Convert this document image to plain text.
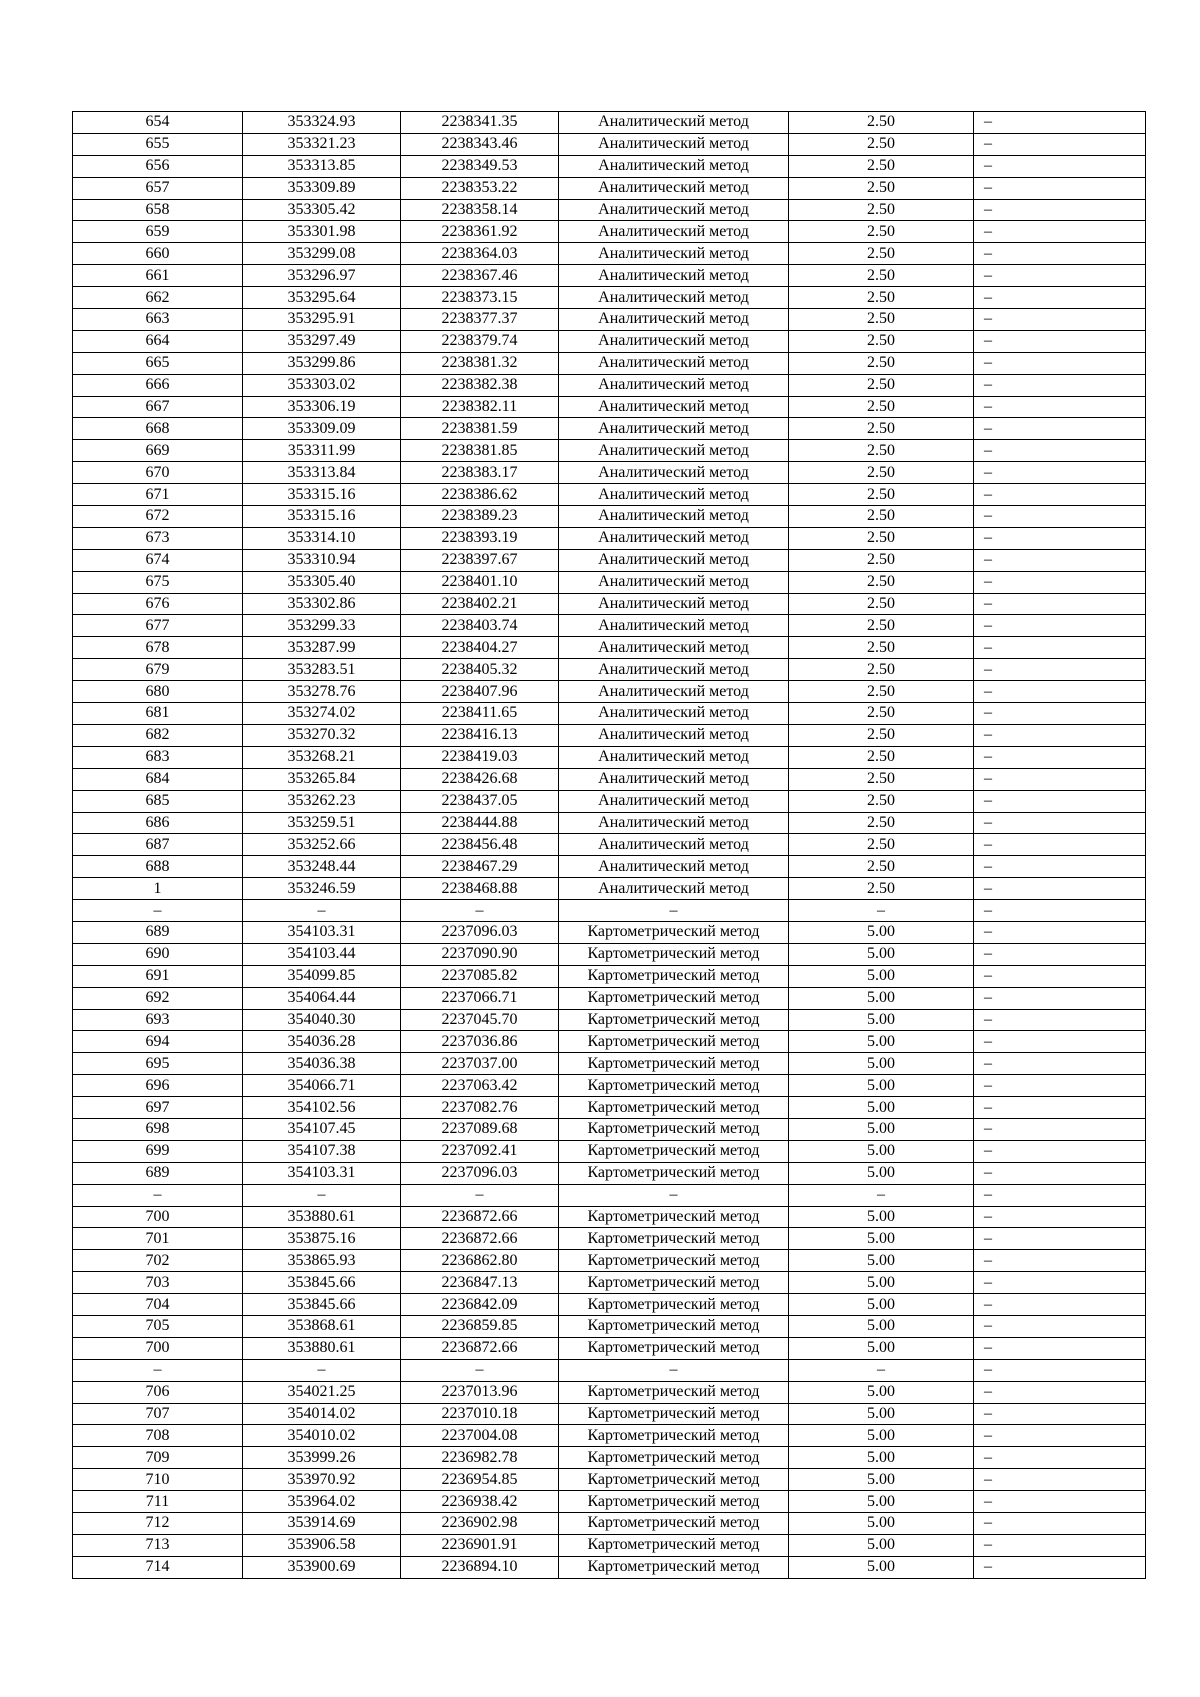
654	353324.93	2238341.35	Аналитический метод	2.50	–
655	353321.23	2238343.46	Аналитический метод	2.50	–
656	353313.85	2238349.53	Аналитический метод	2.50	–
657	353309.89	2238353.22	Аналитический метод	2.50	–
658	353305.42	2238358.14	Аналитический метод	2.50	–
659	353301.98	2238361.92	Аналитический метод	2.50	–
660	353299.08	2238364.03	Аналитический метод	2.50	–
661	353296.97	2238367.46	Аналитический метод	2.50	–
662	353295.64	2238373.15	Аналитический метод	2.50	–
663	353295.91	2238377.37	Аналитический метод	2.50	–
664	353297.49	2238379.74	Аналитический метод	2.50	–
665	353299.86	2238381.32	Аналитический метод	2.50	–
666	353303.02	2238382.38	Аналитический метод	2.50	–
667	353306.19	2238382.11	Аналитический метод	2.50	–
668	353309.09	2238381.59	Аналитический метод	2.50	–
669	353311.99	2238381.85	Аналитический метод	2.50	–
670	353313.84	2238383.17	Аналитический метод	2.50	–
671	353315.16	2238386.62	Аналитический метод	2.50	–
672	353315.16	2238389.23	Аналитический метод	2.50	–
673	353314.10	2238393.19	Аналитический метод	2.50	–
674	353310.94	2238397.67	Аналитический метод	2.50	–
675	353305.40	2238401.10	Аналитический метод	2.50	–
676	353302.86	2238402.21	Аналитический метод	2.50	–
677	353299.33	2238403.74	Аналитический метод	2.50	–
678	353287.99	2238404.27	Аналитический метод	2.50	–
679	353283.51	2238405.32	Аналитический метод	2.50	–
680	353278.76	2238407.96	Аналитический метод	2.50	–
681	353274.02	2238411.65	Аналитический метод	2.50	–
682	353270.32	2238416.13	Аналитический метод	2.50	–
683	353268.21	2238419.03	Аналитический метод	2.50	–
684	353265.84	2238426.68	Аналитический метод	2.50	–
685	353262.23	2238437.05	Аналитический метод	2.50	–
686	353259.51	2238444.88	Аналитический метод	2.50	–
687	353252.66	2238456.48	Аналитический метод	2.50	–
688	353248.44	2238467.29	Аналитический метод	2.50	–
1	353246.59	2238468.88	Аналитический метод	2.50	–
–	–	–	–	–	–
689	354103.31	2237096.03	Картометрический метод	5.00	–
690	354103.44	2237090.90	Картометрический метод	5.00	–
691	354099.85	2237085.82	Картометрический метод	5.00	–
692	354064.44	2237066.71	Картометрический метод	5.00	–
693	354040.30	2237045.70	Картометрический метод	5.00	–
694	354036.28	2237036.86	Картометрический метод	5.00	–
695	354036.38	2237037.00	Картометрический метод	5.00	–
696	354066.71	2237063.42	Картометрический метод	5.00	–
697	354102.56	2237082.76	Картометрический метод	5.00	–
698	354107.45	2237089.68	Картометрический метод	5.00	–
699	354107.38	2237092.41	Картометрический метод	5.00	–
689	354103.31	2237096.03	Картометрический метод	5.00	–
–	–	–	–	–	–
700	353880.61	2236872.66	Картометрический метод	5.00	–
701	353875.16	2236872.66	Картометрический метод	5.00	–
702	353865.93	2236862.80	Картометрический метод	5.00	–
703	353845.66	2236847.13	Картометрический метод	5.00	–
704	353845.66	2236842.09	Картометрический метод	5.00	–
705	353868.61	2236859.85	Картометрический метод	5.00	–
700	353880.61	2236872.66	Картометрический метод	5.00	–
–	–	–	–	–	–
706	354021.25	2237013.96	Картометрический метод	5.00	–
707	354014.02	2237010.18	Картометрический метод	5.00	–
708	354010.02	2237004.08	Картометрический метод	5.00	–
709	353999.26	2236982.78	Картометрический метод	5.00	–
710	353970.92	2236954.85	Картометрический метод	5.00	–
711	353964.02	2236938.42	Картометрический метод	5.00	–
712	353914.69	2236902.98	Картометрический метод	5.00	–
713	353906.58	2236901.91	Картометрический метод	5.00	–
714	353900.69	2236894.10	Картометрический метод	5.00	–
